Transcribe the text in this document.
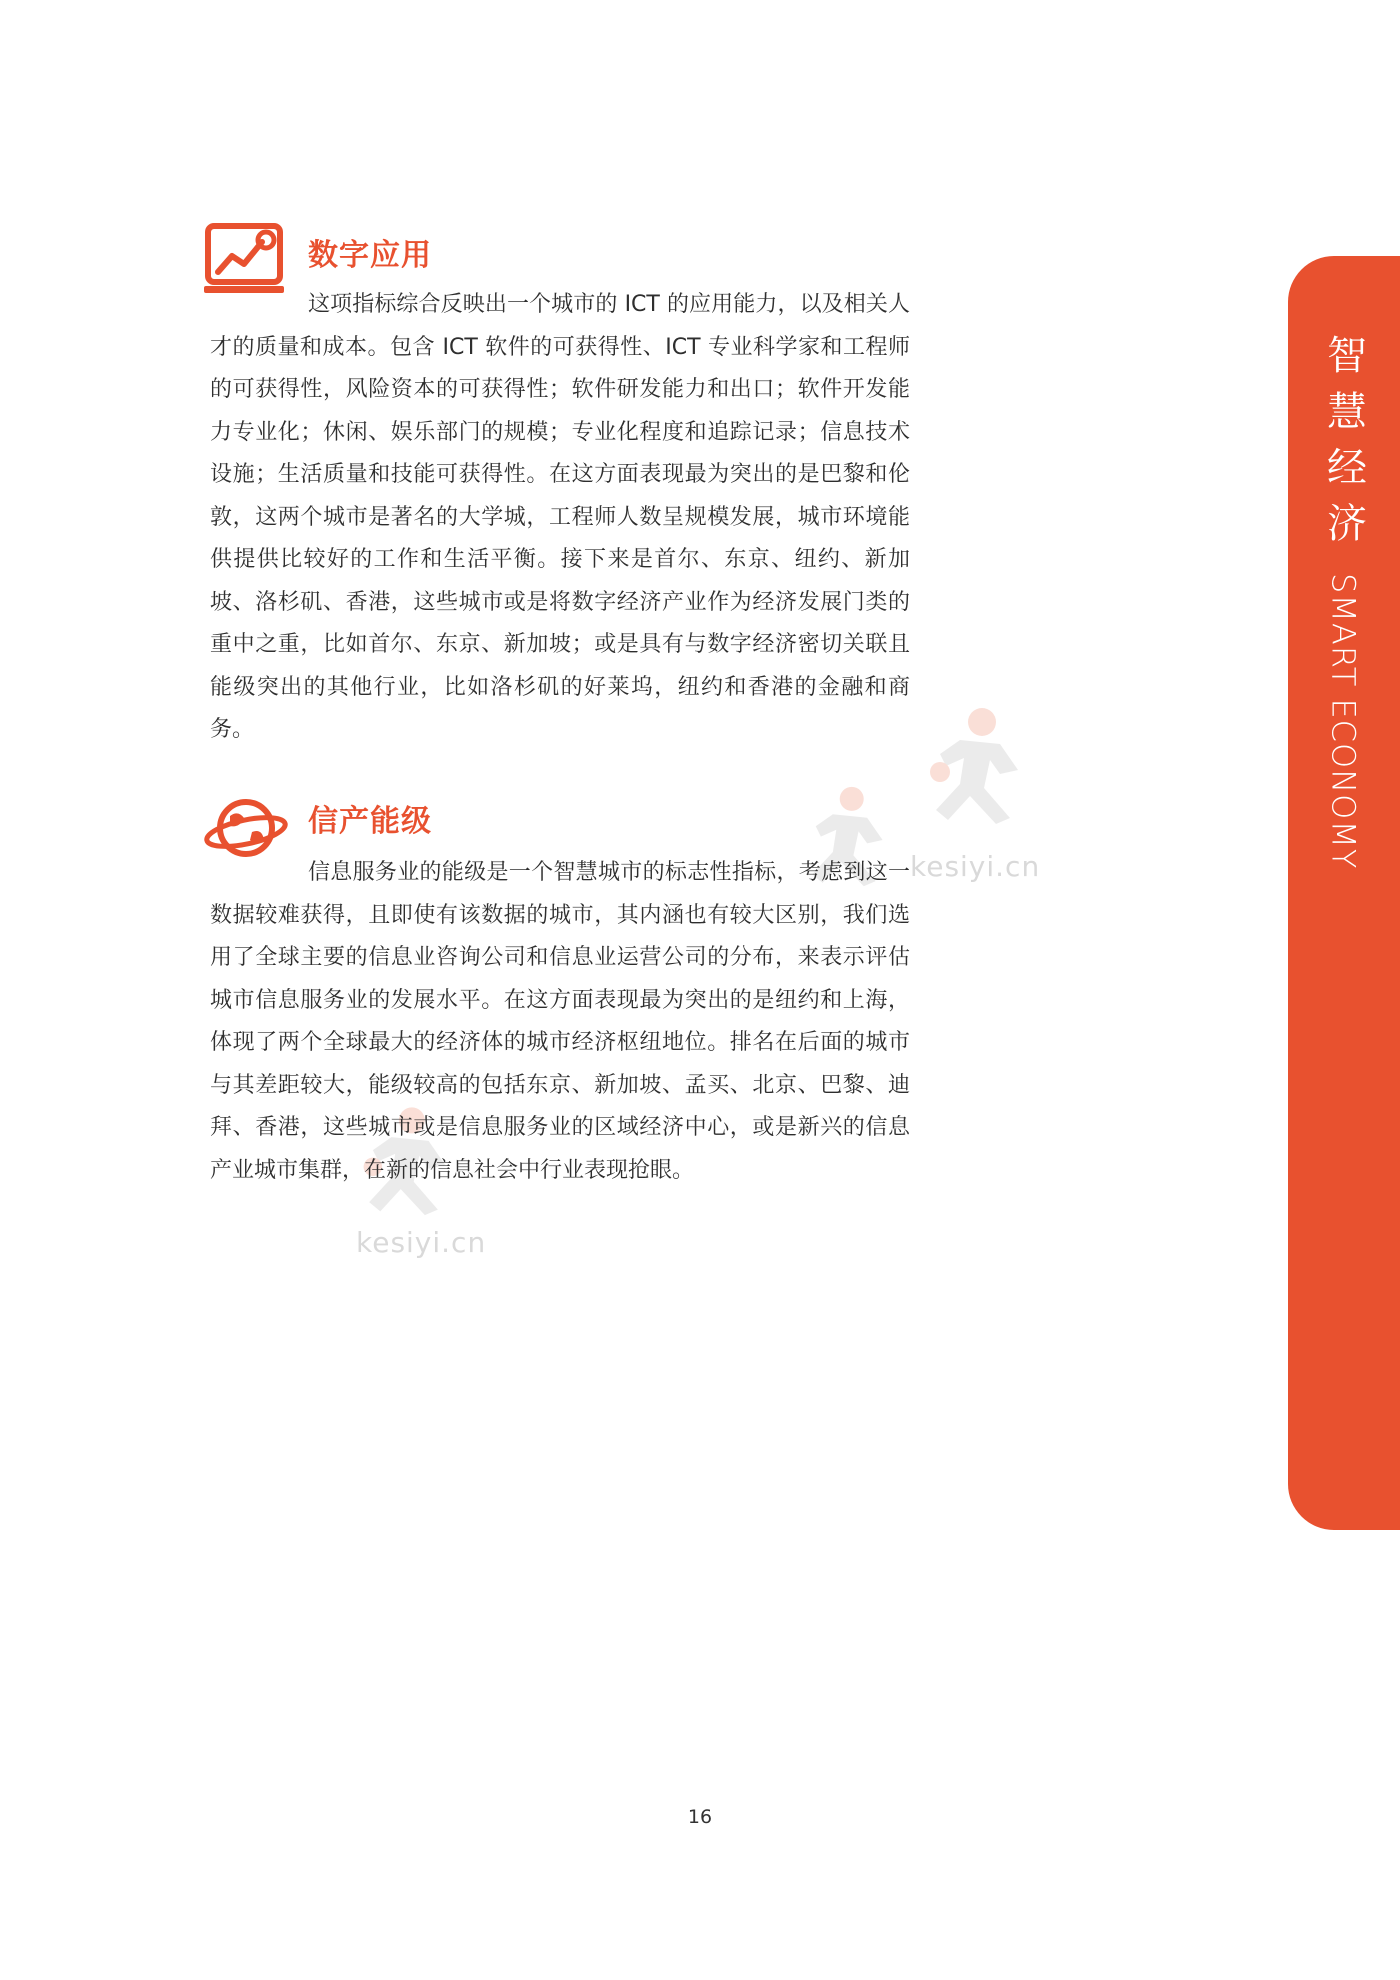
kesiyi.cn
kesiyi.cn
数字应用

这项指标综合反映出一个城市的 ICT 的应用能力，以及相关人才的质量和成本。包含 ICT 软件的可获得性、ICT 专业科学家和工程师的可获得性，风险资本的可获得性；软件研发能力和出口；软件开发能力专业化；休闲、娱乐部门的规模；专业化程度和追踪记录；信息技术设施；生活质量和技能可获得性。在这方面表现最为突出的是巴黎和伦敦，这两个城市是著名的大学城，工程师人数呈规模发展，城市环境能供提供比较好的工作和生活平衡。接下来是首尔、东京、纽约、新加坡、洛杉矶、香港，这些城市或是将数字经济产业作为经济发展门类的重中之重，比如首尔、东京、新加坡；或是具有与数字经济密切关联且能级突出的其他行业，比如洛杉矶的好莱坞，纽约和香港的金融和商务。

信产能级

信息服务业的能级是一个智慧城市的标志性指标，考虑到这一数据较难获得，且即使有该数据的城市，其内涵也有较大区别，我们选用了全球主要的信息业咨询公司和信息业运营公司的分布，来表示评估城市信息服务业的发展水平。在这方面表现最为突出的是纽约和上海，体现了两个全球最大的经济体的城市经济枢纽地位。排名在后面的城市与其差距较大，能级较高的包括东京、新加坡、孟买、北京、巴黎、迪拜、香港，这些城市或是信息服务业的区域经济中心，或是新兴的信息产业城市集群，在新的信息社会中行业表现抢眼。

智慧经济 SMART ECONOMY
16
